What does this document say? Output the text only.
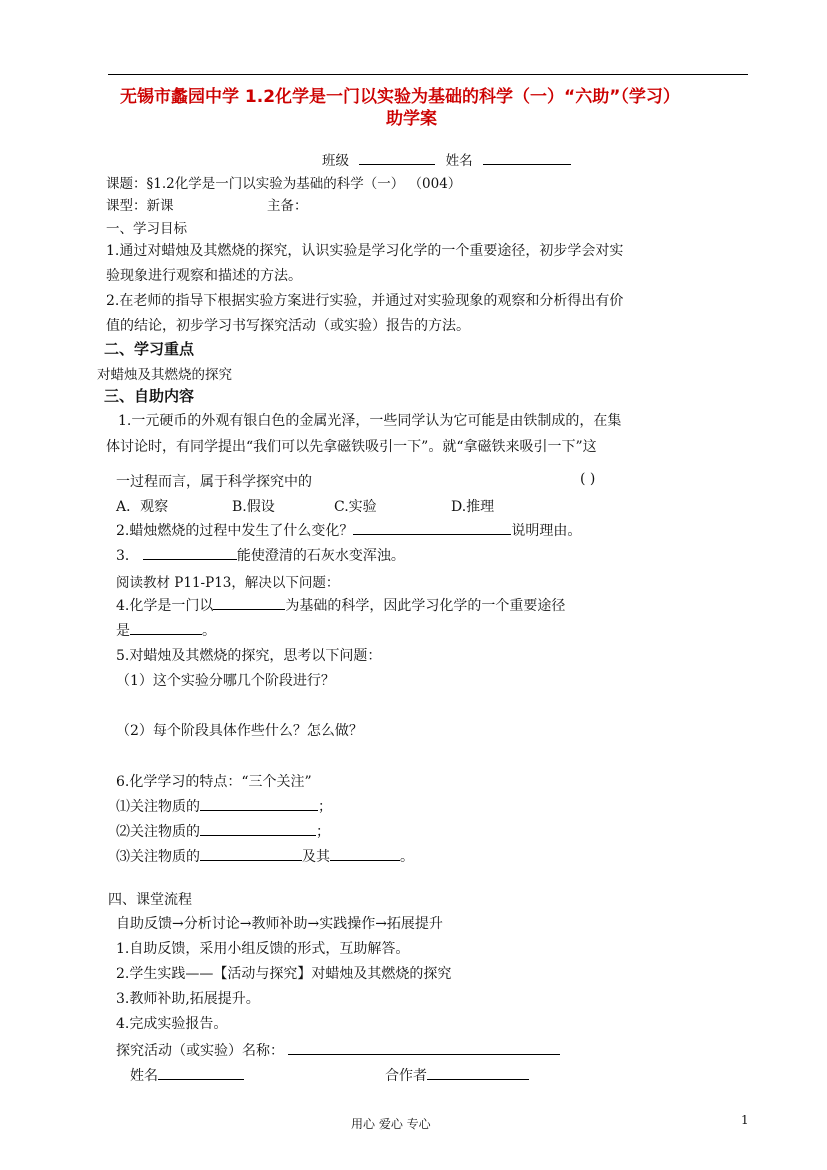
无锡市蠡园中学 1.2化学是一门以实验为基础的科学（一）“六助”（学习）
助学案
班级	姓名
课题：§1.2化学是一门以实验为基础的科学（一） （004）
课型：新课	主备：
一、学习目标
1.通过对蜡烛及其燃烧的探究，认识实验是学习化学的一个重要途径，初步学会对实
验现象进行观察和描述的方法。
2.在老师的指导下根据实验方案进行实验，并通过对实验现象的观察和分析得出有价
值的结论，初步学习书写探究活动（或实验）报告的方法。
二、学习重点
对蜡烛及其燃烧的探究
三、自助内容
1.一元硬币的外观有银白色的金属光泽，一些同学认为它可能是由铁制成的，在集
体讨论时，有同学提出“我们可以先拿磁铁吸引一下”。就“拿磁铁来吸引一下”这
一过程而言，属于科学探究中的	( )
A．观察	B.假设	C.实验	D.推理
2.蜡烛燃烧的过程中发生了什么变化？	说明理由。
3．	能使澄清的石灰水变浑浊。
阅读教材 P11-P13，解决以下问题：
4.化学是一门以	为基础的科学，因此学习化学的一个重要途径
是	。
5.对蜡烛及其燃烧的探究，思考以下问题：
（1）这个实验分哪几个阶段进行？
（2）每个阶段具体作些什么？怎么做？
6.化学学习的特点：“三个关注”
⑴关注物质的	；
⑵关注物质的	；
⑶关注物质的	及其	。
四、课堂流程
自助反馈→分析讨论→教师补助→实践操作→拓展提升
1.自助反馈，采用小组反馈的形式，互助解答。
2.学生实践——【活动与探究】对蜡烛及其燃烧的探究
3.教师补助,拓展提升。
4.完成实验报告。
探究活动（或实验）名称：
姓名	合作者
用心 爱心 专心	1
